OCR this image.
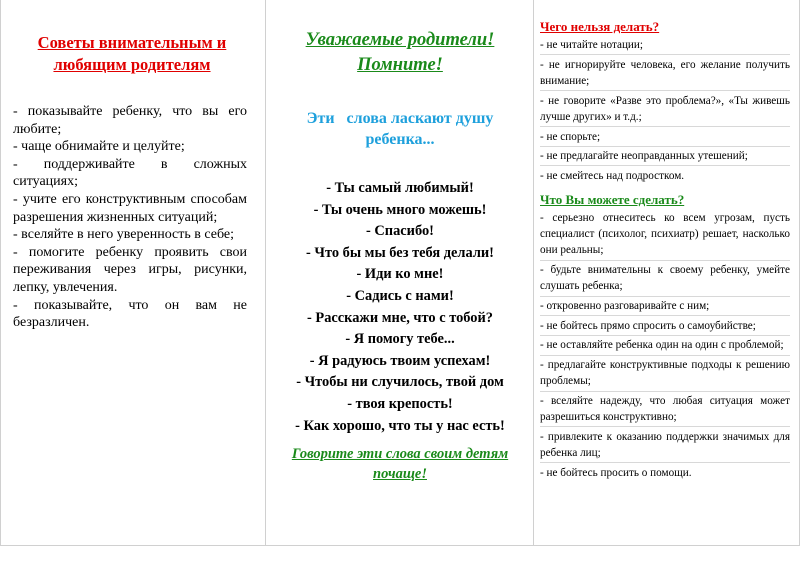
Советы внимательным и любящим родителям
- показывайте ребенку, что вы его любите;
- чаще обнимайте и целуйте;
- поддерживайте в сложных ситуациях;
- учите его конструктивным способам разрешения жизненных ситуаций;
- вселяйте в него уверенность в себе;
- помогите ребенку проявить свои переживания через игры, рисунки, лепку, увлечения.
- показывайте, что он вам не безразличен.
Уважаемые родители!
Помните!
Эти   слова ласкают душу
ребенка...
- Ты самый любимый!
- Ты очень много можешь!
- Спасибо!
- Что бы мы без тебя делали!
- Иди ко мне!
- Садись с нами!
- Расскажи мне, что с тобой?
- Я помогу тебе...
- Я радуюсь твоим успехам!
- Чтобы ни случилось, твой дом
- твоя крепость!
- Как хорошо, что ты у нас есть!
Говорите эти слова своим детям почаще!
Чего нельзя делать?
- не читайте нотации;
- не игнорируйте человека, его желание получить внимание;
- не говорите «Разве это проблема?», «Ты живешь лучше других» и т.д.;
- не спорьте;
- не предлагайте неоправданных утешений;
- не смейтесь над подростком.
Что Вы можете сделать?
- серьезно отнеситесь ко всем угрозам, пусть специалист (психолог, психиатр) решает, насколько они реальны;
- будьте внимательны к своему ребенку, умейте слушать ребенка;
- откровенно разговаривайте с ним;
- не бойтесь прямо спросить о самоубийстве;
- не оставляйте ребенка один на один с проблемой;
- предлагайте конструктивные подходы к решению проблемы;
- вселяйте надежду, что любая ситуация может разрешиться конструктивно;
- привлеките к оказанию поддержки значимых для ребенка лиц;
- не бойтесь просить о помощи.
